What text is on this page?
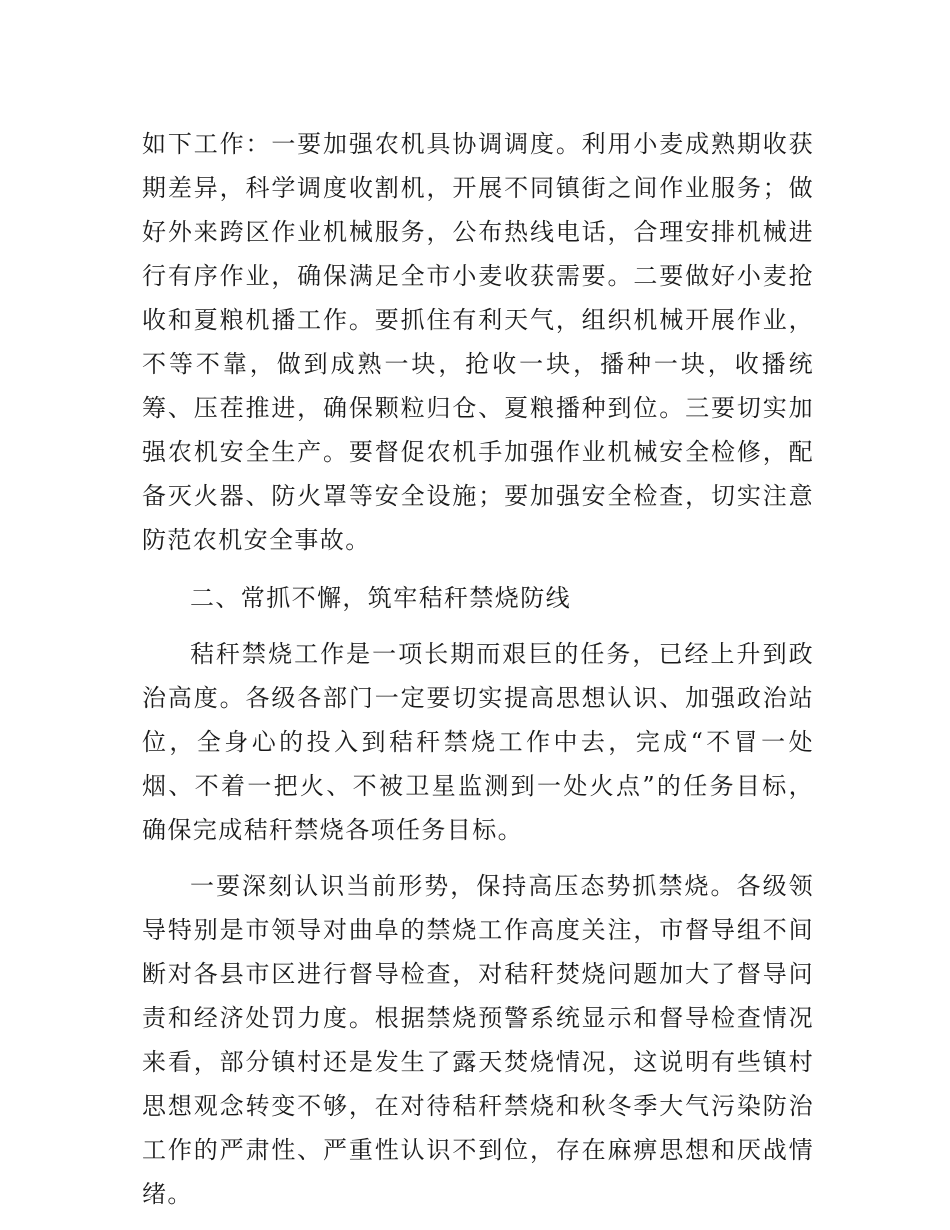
如下工作：一要加强农机具协调调度。利用小麦成熟期收获期差异，科学调度收割机，开展不同镇街之间作业服务；做好外来跨区作业机械服务，公布热线电话，合理安排机械进行有序作业，确保满足全市小麦收获需要。二要做好小麦抢收和夏粮机播工作。要抓住有利天气，组织机械开展作业，不等不靠，做到成熟一块，抢收一块，播种一块，收播统筹、压茬推进，确保颗粒归仓、夏粮播种到位。三要切实加强农机安全生产。要督促农机手加强作业机械安全检修，配备灭火器、防火罩等安全设施；要加强安全检查，切实注意防范农机安全事故。

二、常抓不懈，筑牢秸秆禁烧防线

秸秆禁烧工作是一项长期而艰巨的任务，已经上升到政治高度。各级各部门一定要切实提高思想认识、加强政治站位，全身心的投入到秸秆禁烧工作中去，完成“不冒一处烟、不着一把火、不被卫星监测到一处火点”的任务目标，确保完成秸秆禁烧各项任务目标。

一要深刻认识当前形势，保持高压态势抓禁烧。各级领导特别是市领导对曲阜的禁烧工作高度关注，市督导组不间断对各县市区进行督导检查，对秸秆焚烧问题加大了督导问责和经济处罚力度。根据禁烧预警系统显示和督导检查情况来看，部分镇村还是发生了露天焚烧情况，这说明有些镇村思想观念转变不够，在对待秸秆禁烧和秋冬季大气污染防治工作的严肃性、严重性认识不到位，存在麻痹思想和厌战情绪。
